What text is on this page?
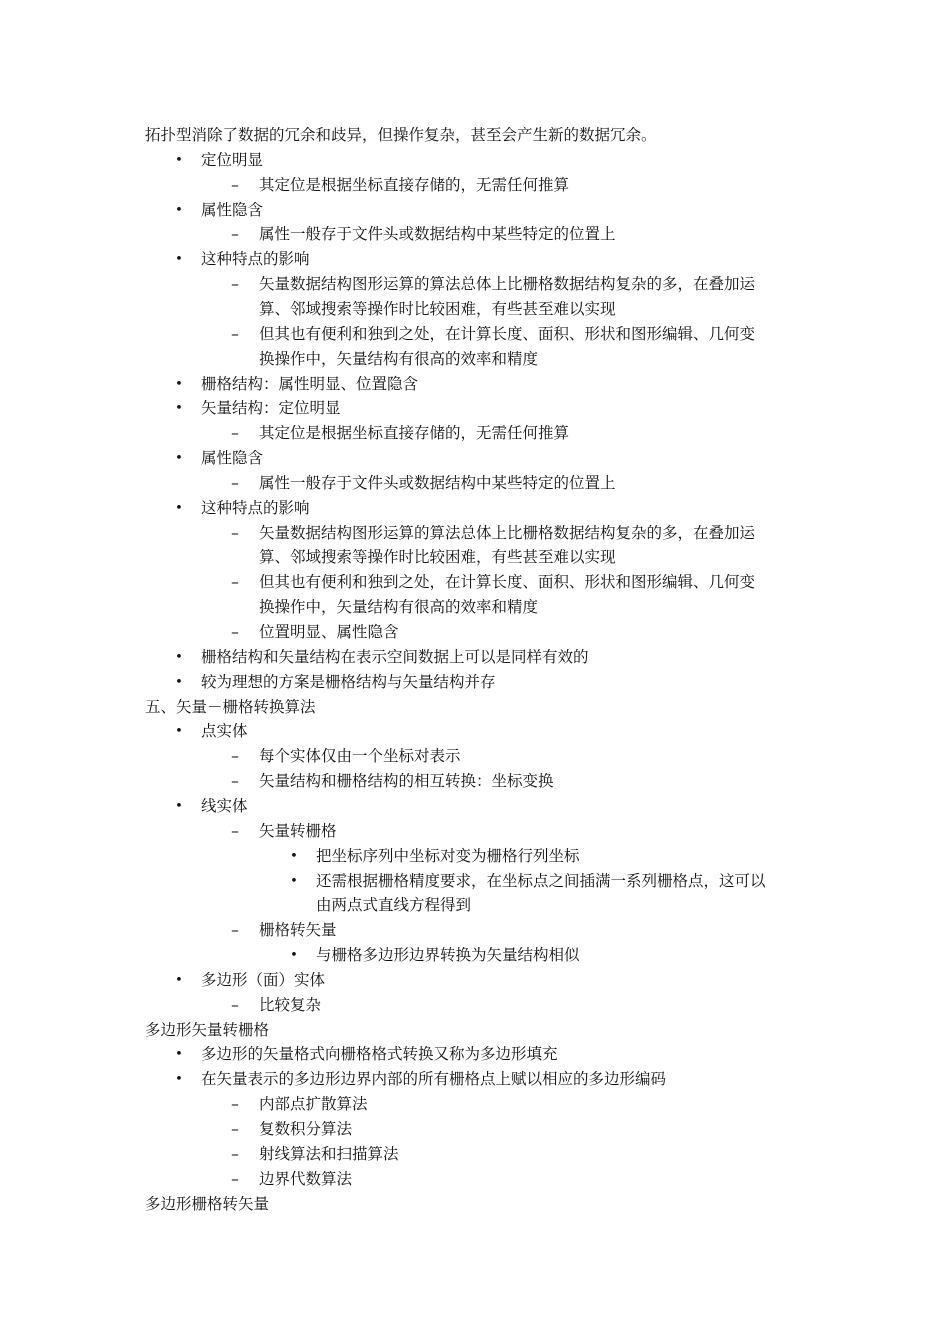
拓扑型消除了数据的冗余和歧异，但操作复杂，甚至会产生新的数据冗余。
• 定位明显
– 其定位是根据坐标直接存储的，无需任何推算
• 属性隐含
– 属性一般存于文件头或数据结构中某些特定的位置上
• 这种特点的影响
– 矢量数据结构图形运算的算法总体上比栅格数据结构复杂的多，在叠加运
算、邻域搜索等操作时比较困难，有些甚至难以实现
– 但其也有便利和独到之处，在计算长度、面积、形状和图形编辑、几何变
换操作中，矢量结构有很高的效率和精度
• 栅格结构：属性明显、位置隐含
• 矢量结构：定位明显
– 其定位是根据坐标直接存储的，无需任何推算
• 属性隐含
– 属性一般存于文件头或数据结构中某些特定的位置上
• 这种特点的影响
– 矢量数据结构图形运算的算法总体上比栅格数据结构复杂的多，在叠加运
算、邻域搜索等操作时比较困难，有些甚至难以实现
– 但其也有便利和独到之处，在计算长度、面积、形状和图形编辑、几何变
换操作中，矢量结构有很高的效率和精度
– 位置明显、属性隐含
• 栅格结构和矢量结构在表示空间数据上可以是同样有效的
• 较为理想的方案是栅格结构与矢量结构并存
五、矢量－栅格转换算法
• 点实体
– 每个实体仅由一个坐标对表示
– 矢量结构和栅格结构的相互转换：坐标变换
• 线实体
– 矢量转栅格
• 把坐标序列中坐标对变为栅格行列坐标
• 还需根据栅格精度要求，在坐标点之间插满一系列栅格点，这可以
由两点式直线方程得到
– 栅格转矢量
• 与栅格多边形边界转换为矢量结构相似
• 多边形（面）实体
– 比较复杂
多边形矢量转栅格
• 多边形的矢量格式向栅格格式转换又称为多边形填充
• 在矢量表示的多边形边界内部的所有栅格点上赋以相应的多边形编码
– 内部点扩散算法
– 复数积分算法
– 射线算法和扫描算法
– 边界代数算法
多边形栅格转矢量
